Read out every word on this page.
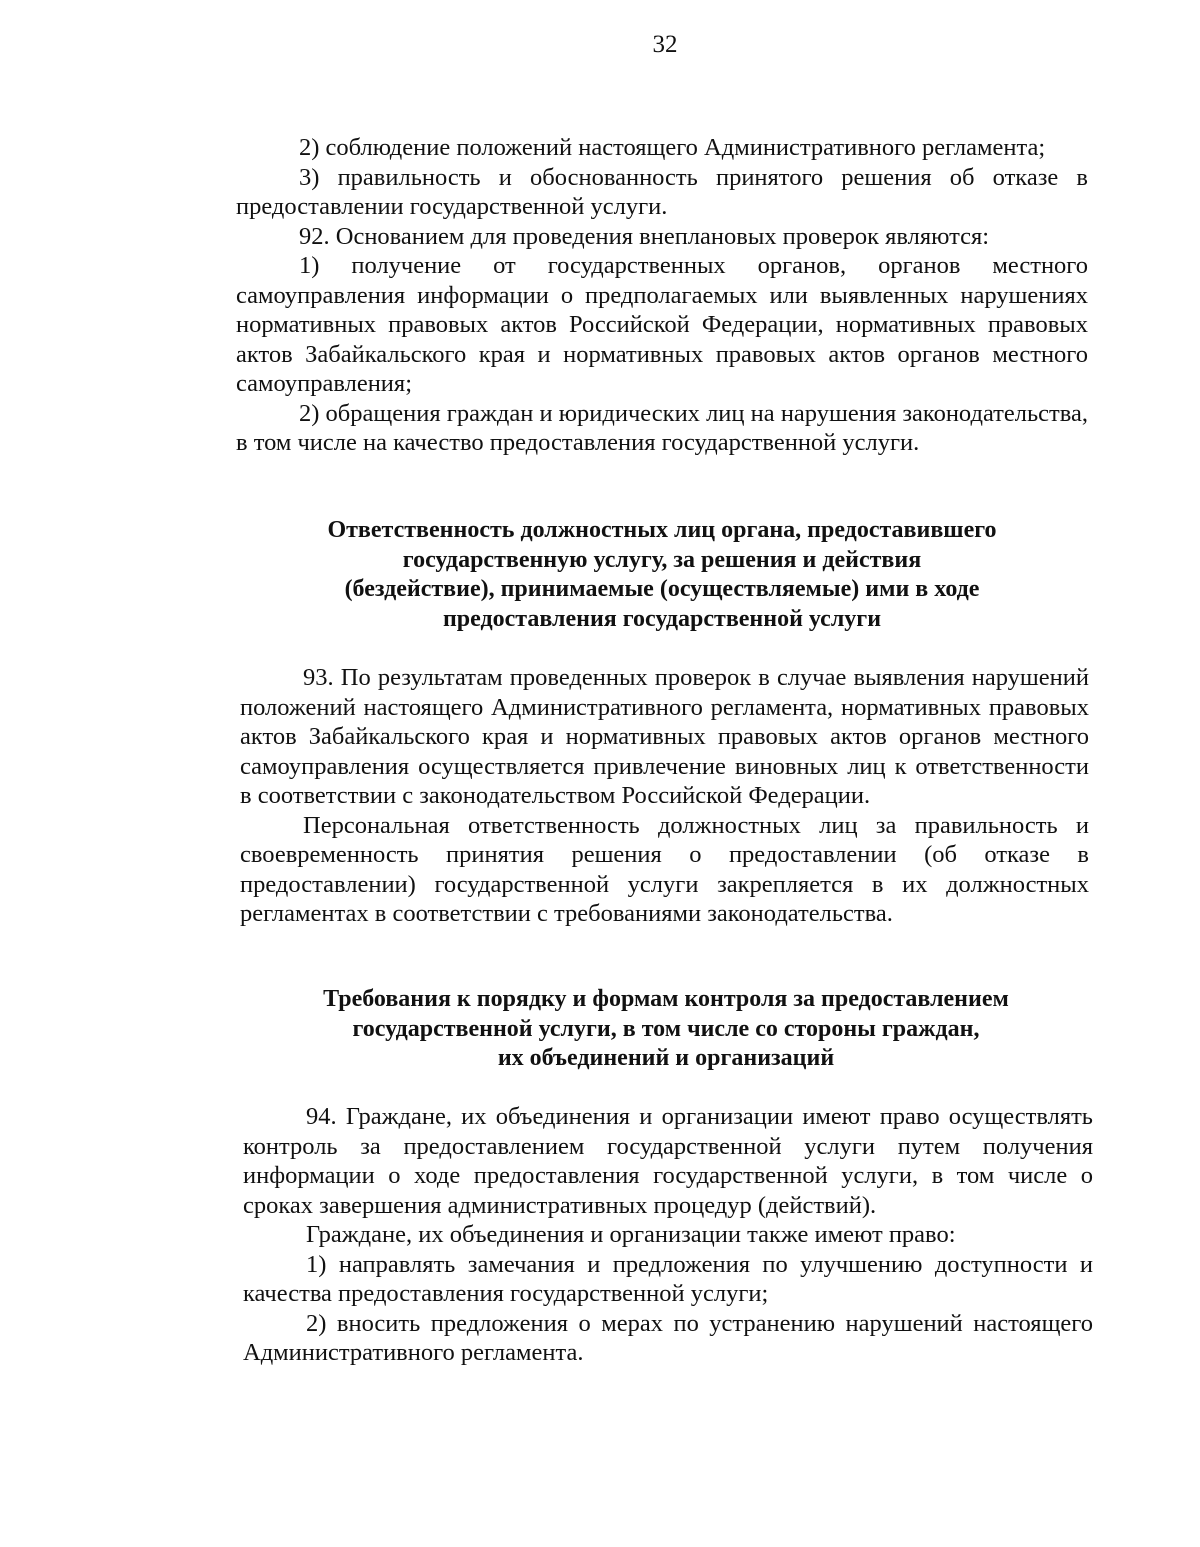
32

2) соблюдение положений настоящего Административного регламента;

3) правильность и обоснованность принятого решения об отказе в предоставлении государственной услуги.

92. Основанием для проведения внеплановых проверок являются:

1) получение от государственных органов, органов местного самоуправления информации о предполагаемых или выявленных нарушениях нормативных правовых актов Российской Федерации, нормативных правовых актов Забайкальского края и нормативных правовых актов органов местного самоуправления;

2) обращения граждан и юридических лиц на нарушения законодательства, в том числе на качество предоставления государственной услуги.

Ответственность должностных лиц органа, предоставившего
государственную услугу, за решения и действия
(бездействие), принимаемые (осуществляемые) ими в ходе
предоставления государственной услуги

93. По результатам проведенных проверок в случае выявления нарушений положений настоящего Административного регламента, нормативных правовых актов Забайкальского края и нормативных правовых актов органов местного самоуправления осуществляется привлечение виновных лиц к ответственности в соответствии с законодательством Российской Федерации.

Персональная ответственность должностных лиц за правильность и своевременность принятия решения о предоставлении (об отказе в предоставлении) государственной услуги закрепляется в их должностных регламентах в соответствии с требованиями законодательства.

Требования к порядку и формам контроля за предоставлением
государственной услуги, в том числе со стороны граждан,
их объединений и организаций

94. Граждане, их объединения и организации имеют право осуществлять контроль за предоставлением государственной услуги путем получения информации о ходе предоставления государственной услуги, в том числе о сроках завершения административных процедур (действий).

Граждане, их объединения и организации также имеют право:

1) направлять замечания и предложения по улучшению доступности и качества предоставления государственной услуги;

2) вносить предложения о мерах по устранению нарушений настоящего Административного регламента.
